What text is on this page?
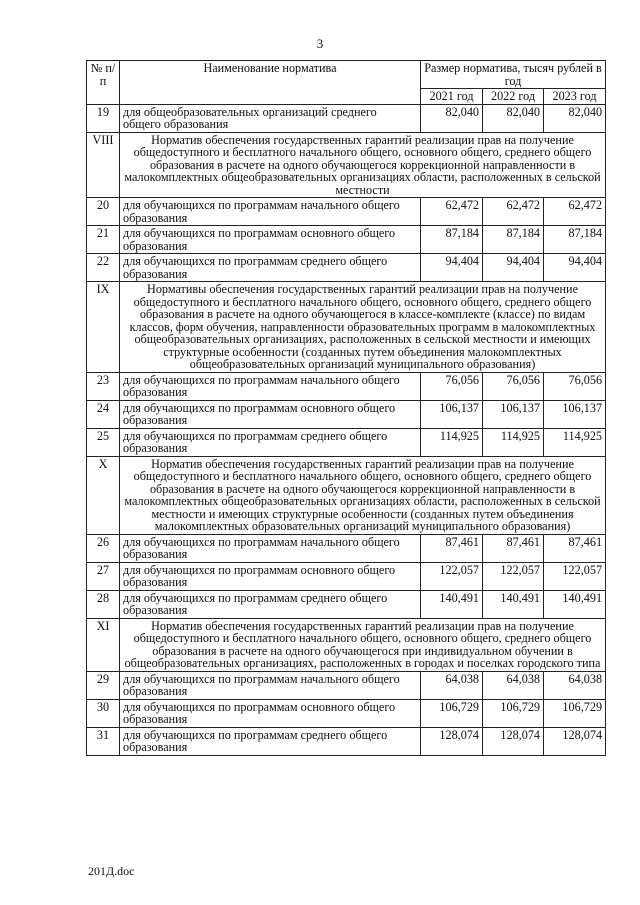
3
№ п/п	Наименование норматива	Размер норматива, тысяч рублей в год		
		2021 год	2022 год	2023 год
19	для общеобразовательных организаций среднего общего образования	82,040	82,040	82,040
VIII	Норматив обеспечения государственных гарантий реализации прав на получение общедоступного и бесплатного начального общего, основного общего, среднего общего образования в расчете на одного обучающегося коррекционной направленности в малокомплектных общеобразовательных организациях области, расположенных в сельской местности			
20	для обучающихся по программам начального общего образования	62,472	62,472	62,472
21	для обучающихся по программам основного общего образования	87,184	87,184	87,184
22	для обучающихся по программам среднего общего образования	94,404	94,404	94,404
IX	Нормативы обеспечения государственных гарантий реализации прав на получение общедоступного и бесплатного начального общего, основного общего, среднего общего образования в расчете на одного обучающегося в классе-комплекте (классе) по видам классов, форм обучения, направленности образовательных программ в малокомплектных общеобразовательных организациях, расположенных в сельской местности и имеющих структурные особенности (созданных путем объединения малокомплектных общеобразовательных организаций муниципального образования)			
23	для обучающихся по программам начального общего образования	76,056	76,056	76,056
24	для обучающихся по программам основного общего образования	106,137	106,137	106,137
25	для обучающихся по программам среднего общего образования	114,925	114,925	114,925
X	Норматив обеспечения государственных гарантий реализации прав на получение общедоступного и бесплатного начального общего, основного общего, среднего общего образования в расчете на одного обучающегося коррекционной направленности в малокомплектных общеобразовательных организациях области, расположенных в сельской местности и имеющих структурные особенности (созданных путем объединения малокомплектных образовательных организаций муниципального образования)			
26	для обучающихся по программам начального общего образования	87,461	87,461	87,461
27	для обучающихся по программам основного общего образования	122,057	122,057	122,057
28	для обучающихся по программам среднего общего образования	140,491	140,491	140,491
XI	Норматив обеспечения государственных гарантий реализации прав на получение общедоступного и бесплатного начального общего, основного общего, среднего общего образования в расчете на одного обучающегося при индивидуальном обучении в общеобразовательных организациях, расположенных в городах и поселках городского типа			
29	для обучающихся по программам начального общего образования	64,038	64,038	64,038
30	для обучающихся по программам основного общего образования	106,729	106,729	106,729
31	для обучающихся по программам среднего общего образования	128,074	128,074	128,074
201Д.doc
